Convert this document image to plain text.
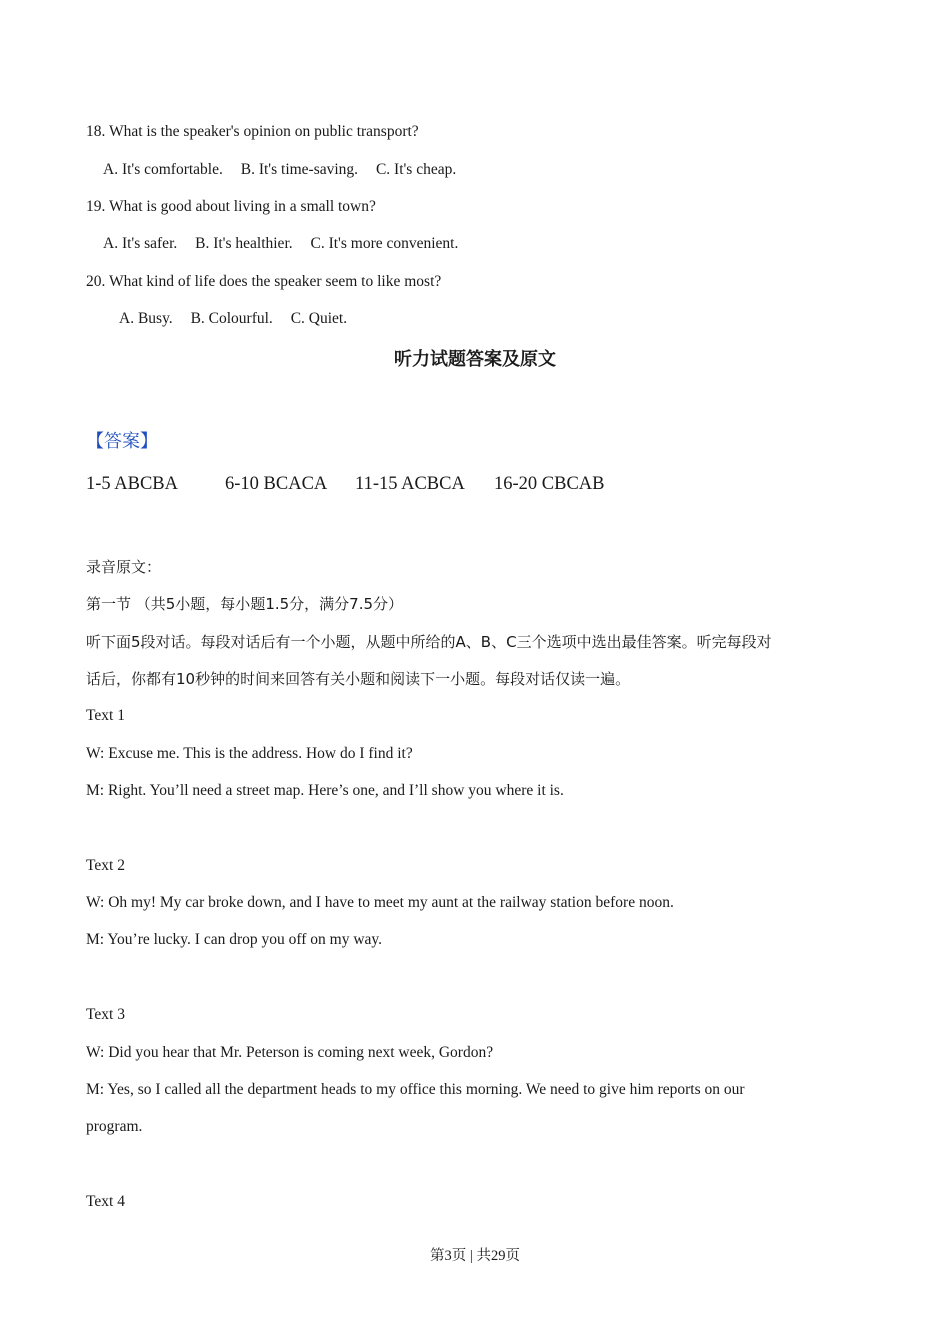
18. What is the speaker's opinion on public transport?
A. It's comfortable. B. It's time-saving. C. It's cheap.
19. What is good about living in a small town?
A. It's safer. B. It's healthier. C. It's more convenient.
20. What kind of life does the speaker seem to like most?
A. Busy. B. Colourful. C. Quiet.
听力试题答案及原文
【答案】
1-5 ABCBA	6-10 BCACA 11-15 ACBCA 16-20 CBCAB
录音原文：
第一节 （共5小题，每小题1.5分，满分7.5分）
听下面5段对话。每段对话后有一个小题，从题中所给的A、B、C三个选项中选出最佳答案。听完每段对
话后，你都有10秒钟的时间来回答有关小题和阅读下一小题。每段对话仅读一遍。
Text 1
W: Excuse me. This is the address. How do I find it?
M: Right. You’ll need a street map. Here’s one, and I’ll show you where it is.
Text 2
W: Oh my! My car broke down, and I have to meet my aunt at the railway station before noon.
M: You’re lucky. I can drop you off on my way.
Text 3
W: Did you hear that Mr. Peterson is coming next week, Gordon?
M: Yes, so I called all the department heads to my office this morning. We need to give him reports on our
program.
Text 4
第3页 | 共29页
